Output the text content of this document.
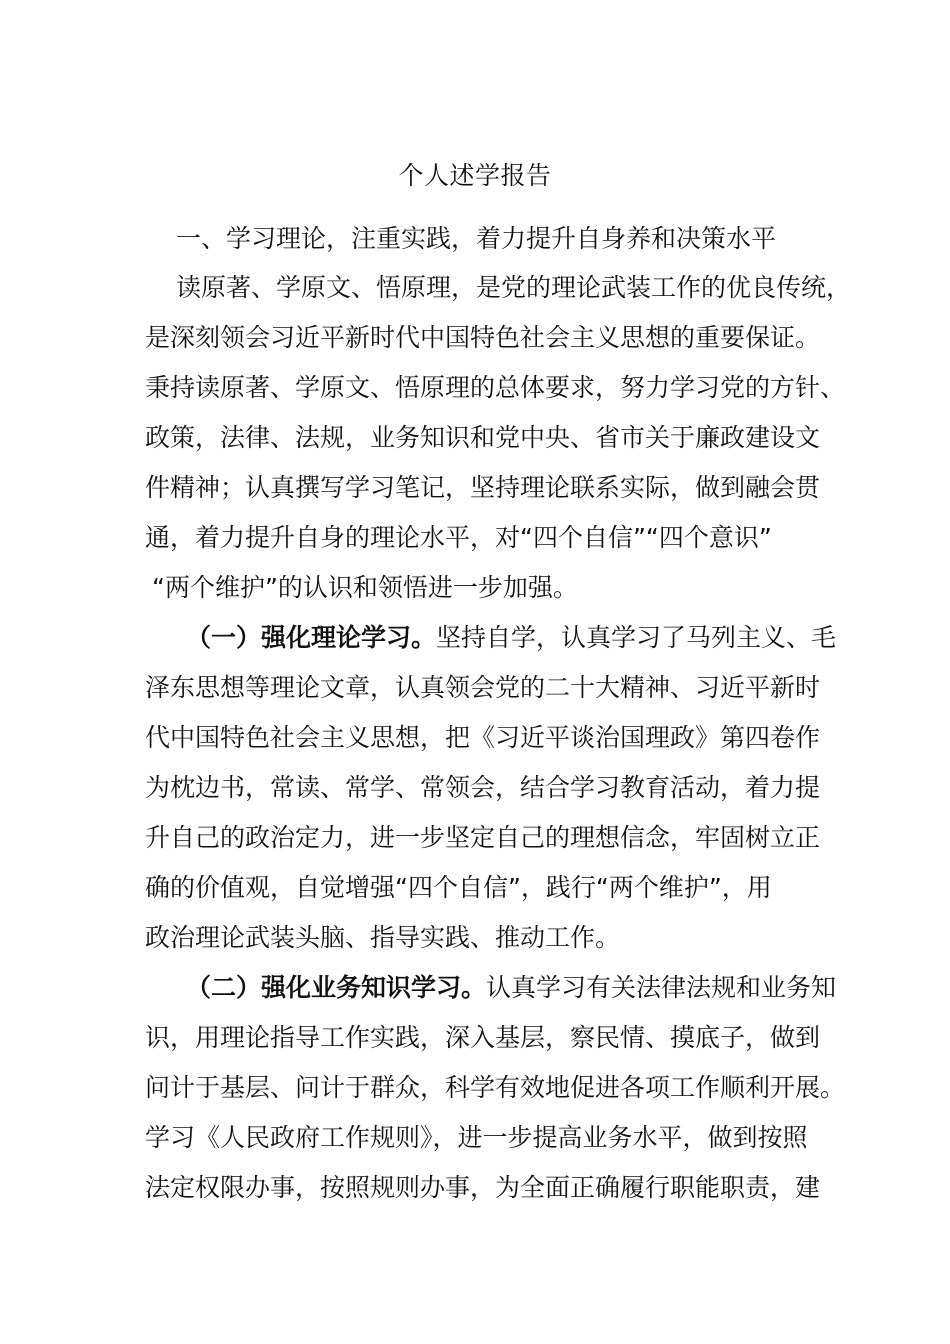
个人述学报告
一、学习理论，注重实践，着力提升自身养和决策水平
读原著、学原文、悟原理，是党的理论武装工作的优良传统，
是深刻领会习近平新时代中国特色社会主义思想的重要保证。
秉持读原著、学原文、悟原理的总体要求，努力学习党的方针、
政策，法律、法规，业务知识和党中央、省市关于廉政建设文
件精神；认真撰写学习笔记，坚持理论联系实际，做到融会贯
通，着力提升自身的理论水平，对“四个自信”“四个意识”
“两个维护”的认识和领悟进一步加强。
（一）强化理论学习。坚持自学，认真学习了马列主义、毛
泽东思想等理论文章，认真领会党的二十大精神、习近平新时
代中国特色社会主义思想，把《习近平谈治国理政》第四卷作
为枕边书，常读、常学、常领会，结合学习教育活动，着力提
升自己的政治定力，进一步坚定自己的理想信念，牢固树立正
确的价值观，自觉增强“四个自信”，践行“两个维护”，用
政治理论武装头脑、指导实践、推动工作。
（二）强化业务知识学习。认真学习有关法律法规和业务知
识，用理论指导工作实践，深入基层，察民情、摸底子，做到
问计于基层、问计于群众，科学有效地促进各项工作顺利开展。
学习《人民政府工作规则》，进一步提高业务水平，做到按照
法定权限办事，按照规则办事，为全面正确履行职能职责，建
